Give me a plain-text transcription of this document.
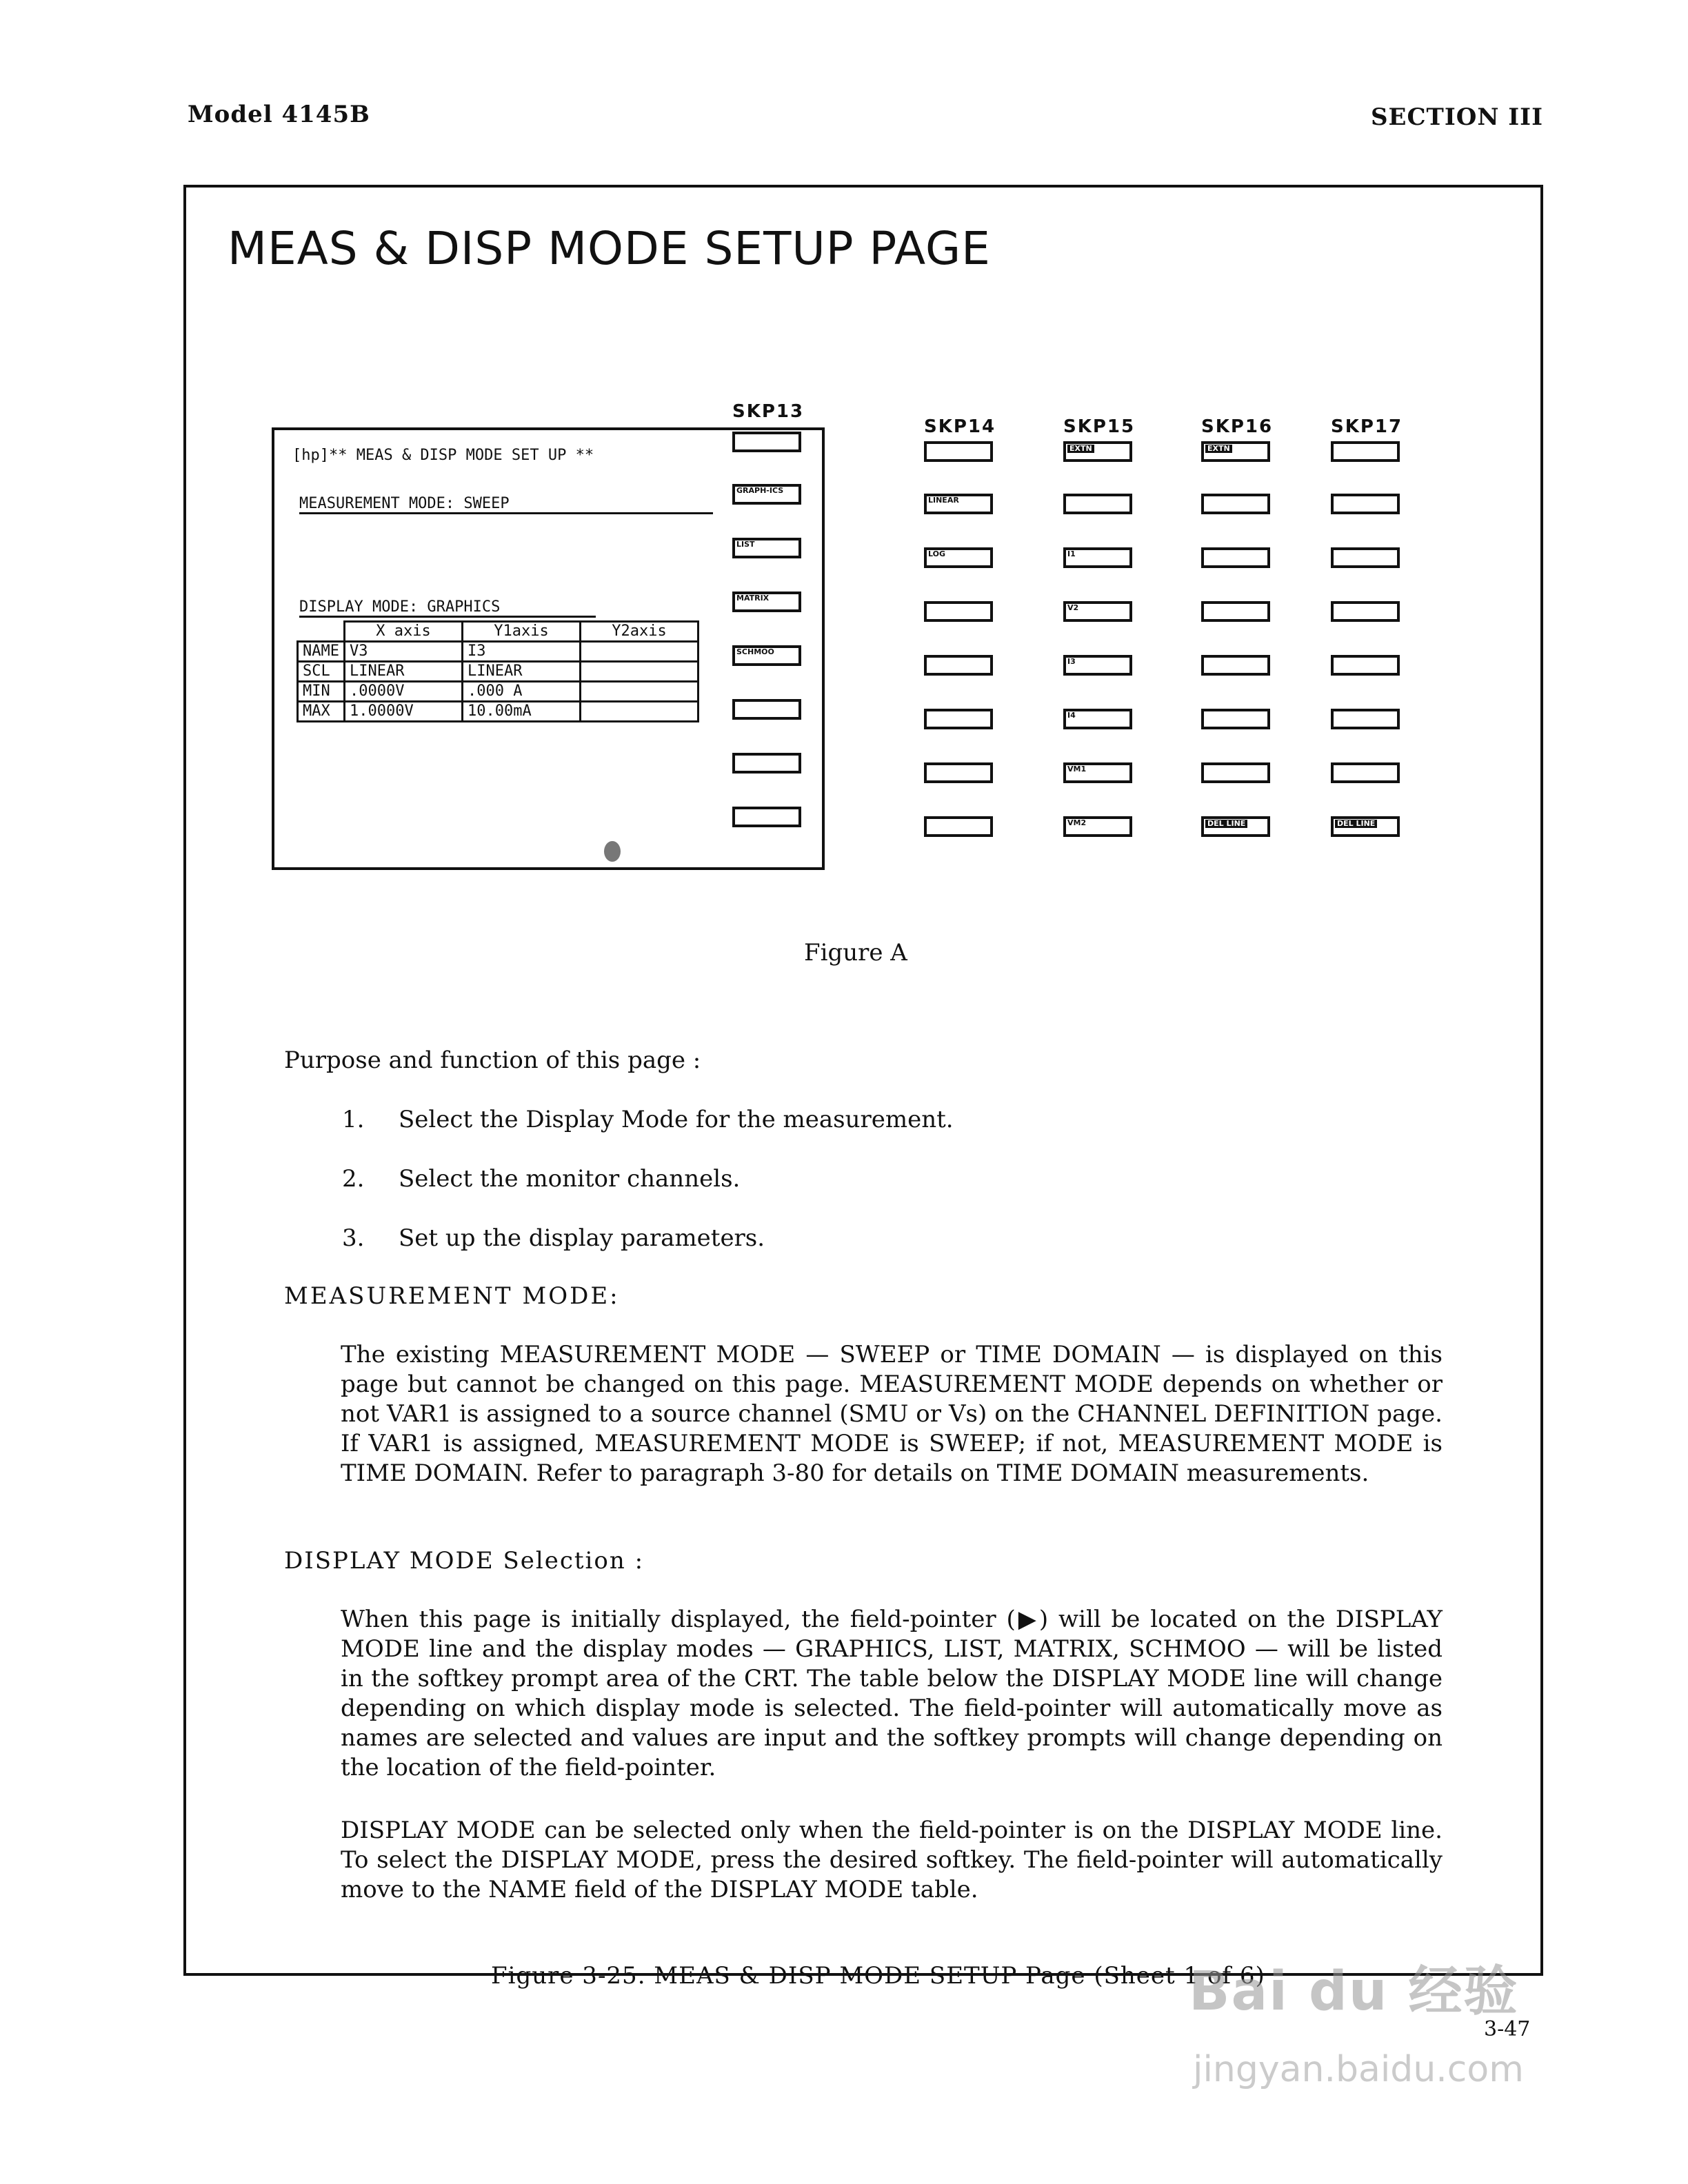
Model 4145B	SECTION III
MEAS & DISP MODE SETUP PAGE
[hp]** MEAS & DISP MODE SET UP **
MEASUREMENT MODE: SWEEP
DISPLAY MODE: GRAPHICS
	X axis	Y1axis	Y2axis
NAME	V3	I3	
SCL	LINEAR	LINEAR	
MIN	.0000V	.000 A	
MAX	1.0000V	10.00mA	
SKP13
GRAPH-ICS
LIST
MATRIX
SCHMOO
SKP14
LINEAR
LOG
SKP15
EXTN
I1
V2
I3
I4
VM1
VM2
SKP16
EXTN
DEL LINE
SKP17
DEL LINE
Figure A
Purpose and function of this page :
1. Select the Display Mode for the measurement.
2. Select the monitor channels.
3. Set up the display parameters.
MEASUREMENT MODE:
The existing MEASUREMENT MODE — SWEEP or TIME DOMAIN — is displayed on this page but cannot be changed on this page. MEASUREMENT MODE depends on whether or not VAR1 is assigned to a source channel (SMU or Vs) on the CHANNEL DEFINITION page. If VAR1 is assigned, MEASUREMENT MODE is SWEEP; if not, MEASUREMENT MODE is TIME DOMAIN. Refer to paragraph 3-80 for details on TIME DOMAIN measurements.
DISPLAY MODE Selection :
When this page is initially displayed, the field-pointer (▶) will be located on the DISPLAY MODE line and the display modes — GRAPHICS, LIST, MATRIX, SCHMOO — will be listed in the softkey prompt area of the CRT. The table below the DISPLAY MODE line will change depending on which display mode is selected. The field-pointer will automatically move as names are selected and values are input and the softkey prompts will change depending on the location of the field-pointer.
DISPLAY MODE can be selected only when the field-pointer is on the DISPLAY MODE line. To select the DISPLAY MODE, press the desired softkey. The field-pointer will automatically move to the NAME field of the DISPLAY MODE table.
Figure 3-25. MEAS & DISP MODE SETUP Page (Sheet 1 of 6)
3-47
Bai du 经验
jingyan.baidu.com
